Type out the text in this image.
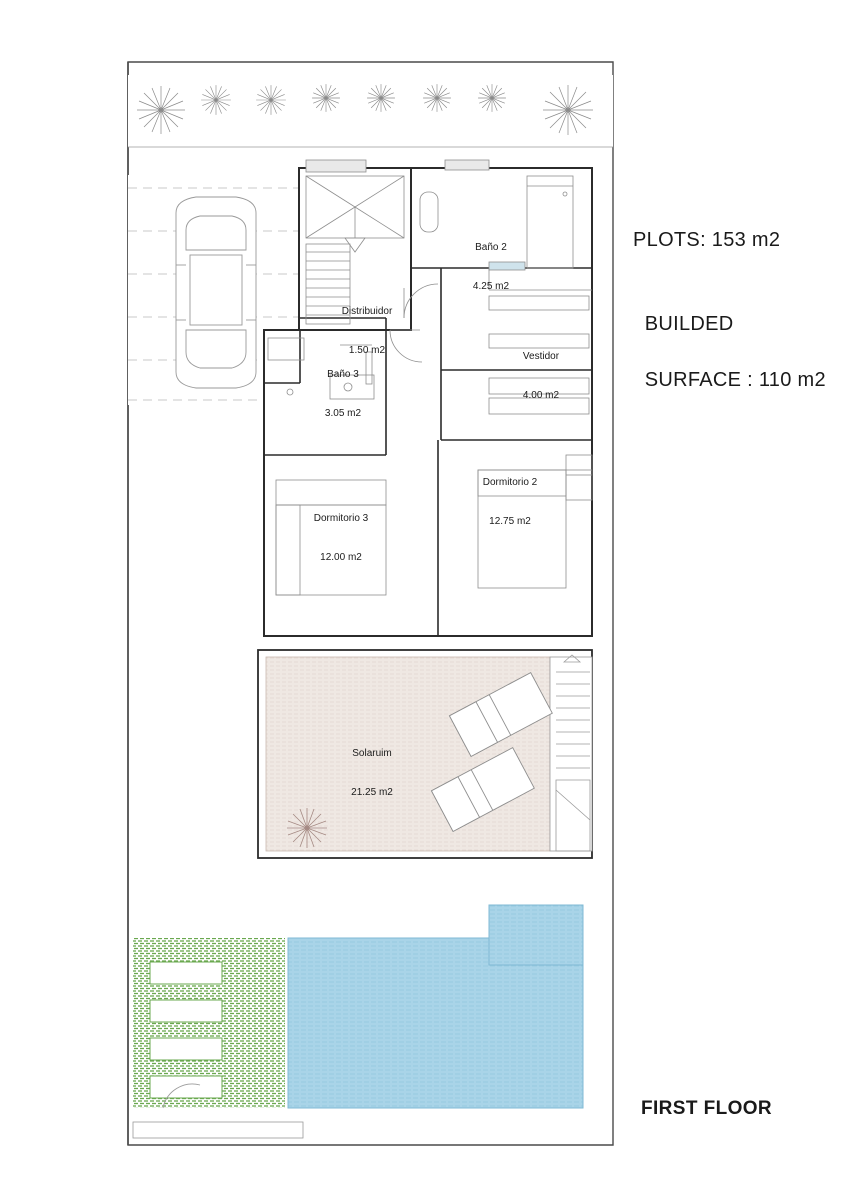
Baño 2

4.25 m2

Distribuidor

1.50 m2

Vestidor

4.00 m2

Baño 3

3.05 m2

Dormitorio 2

12.75 m2

Dormitorio 3

12.00 m2

Solaruim

21.25 m2

PLOTS: 153 m2

BUILDED

SURFACE : 110 m2

FIRST FLOOR
